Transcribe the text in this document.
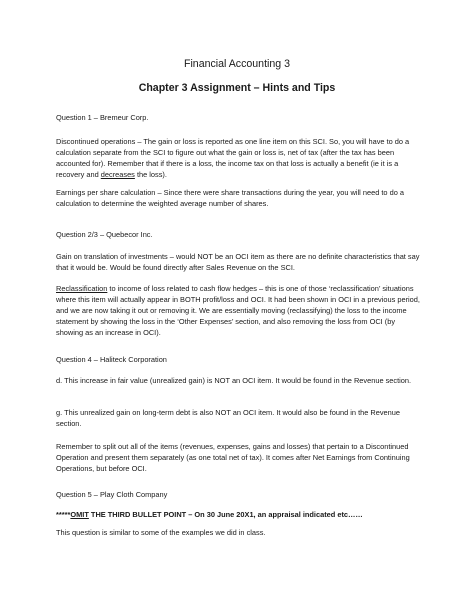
Financial Accounting 3
Chapter 3 Assignment – Hints and Tips

Question 1 – Bremeur Corp.

Discontinued operations – The gain or loss is reported as one line item on this SCI. So, you will have to do a calculation separate from the SCI to figure out what the gain or loss is, net of tax (after the tax has been accounted for). Remember that if there is a loss, the income tax on that loss is actually a benefit (ie it is a recovery and decreases the loss).

Earnings per share calculation – Since there were share transactions during the year, you will need to do a calculation to determine the weighted average number of shares.

Question 2/3 – Quebecor Inc.

Gain on translation of investments – would NOT be an OCI item as there are no definite characteristics that say that it would be. Would be found directly after Sales Revenue on the SCI.

Reclassification to income of loss related to cash flow hedges – this is one of those ‘reclassification’ situations where this item will actually appear in BOTH profit/loss and OCI. It had been shown in OCI in a previous period, and we are now taking it out or removing it. We are essentially moving (reclassifying) the loss to the income statement by showing the loss in the ‘Other Expenses’ section, and also removing the loss from OCI (by showing as an increase in OCI).

Question 4 – Haliteck Corporation

d. This increase in fair value (unrealized gain) is NOT an OCI item. It would be found in the Revenue section.

g. This unrealized gain on long-term debt is also NOT an OCI item. It would also be found in the Revenue section.

Remember to split out all of the items (revenues, expenses, gains and losses) that pertain to a Discontinued Operation and present them separately (as one total net of tax). It comes after Net Earnings from Continuing Operations, but before OCI.

Question 5 – Play Cloth Company

*****OMIT THE THIRD BULLET POINT – On 30 June 20X1, an appraisal indicated etc……

This question is similar to some of the examples we did in class.
